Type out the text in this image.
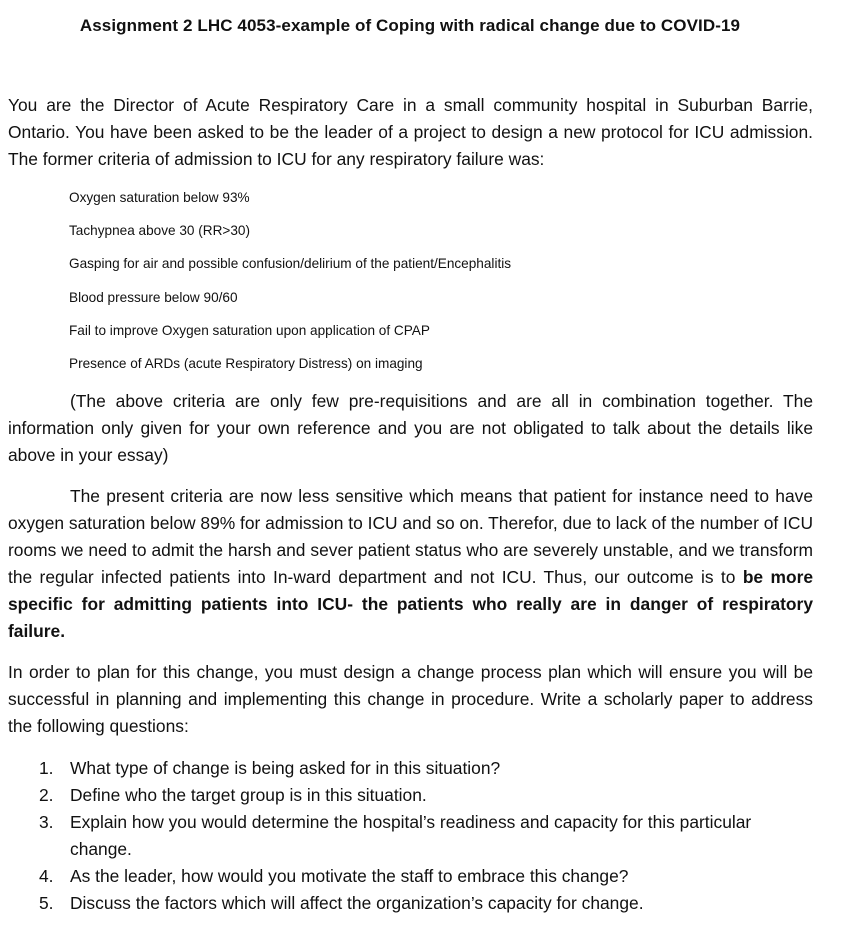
Assignment 2 LHC 4053-example of Coping with radical change due to COVID-19

You are the Director of Acute Respiratory Care in a small community hospital in Suburban Barrie, Ontario. You have been asked to be the leader of a project to design a new protocol for ICU admission. The former criteria of admission to ICU for any respiratory failure was:

Oxygen saturation below 93%
Tachypnea above 30 (RR>30)
Gasping for air and possible confusion/delirium of the patient/Encephalitis
Blood pressure below 90/60
Fail to improve Oxygen saturation upon application of CPAP
Presence of ARDs (acute Respiratory Distress) on imaging

(The above criteria are only few pre-requisitions and are all in combination together. The information only given for your own reference and you are not obligated to talk about the details like above in your essay)

The present criteria are now less sensitive which means that patient for instance need to have oxygen saturation below 89% for admission to ICU and so on. Therefor, due to lack of the number of ICU rooms we need to admit the harsh and sever patient status who are severely unstable, and we transform the regular infected patients into In-ward department and not ICU. Thus, our outcome is to be more specific for admitting patients into ICU- the patients who really are in danger of respiratory failure.

In order to plan for this change, you must design a change process plan which will ensure you will be successful in planning and implementing this change in procedure. Write a scholarly paper to address the following questions:

1. What type of change is being asked for in this situation?
2. Define who the target group is in this situation.
3. Explain how you would determine the hospital’s readiness and capacity for this particular change.
4. As the leader, how would you motivate the staff to embrace this change?
5. Discuss the factors which will affect the organization’s capacity for change.
